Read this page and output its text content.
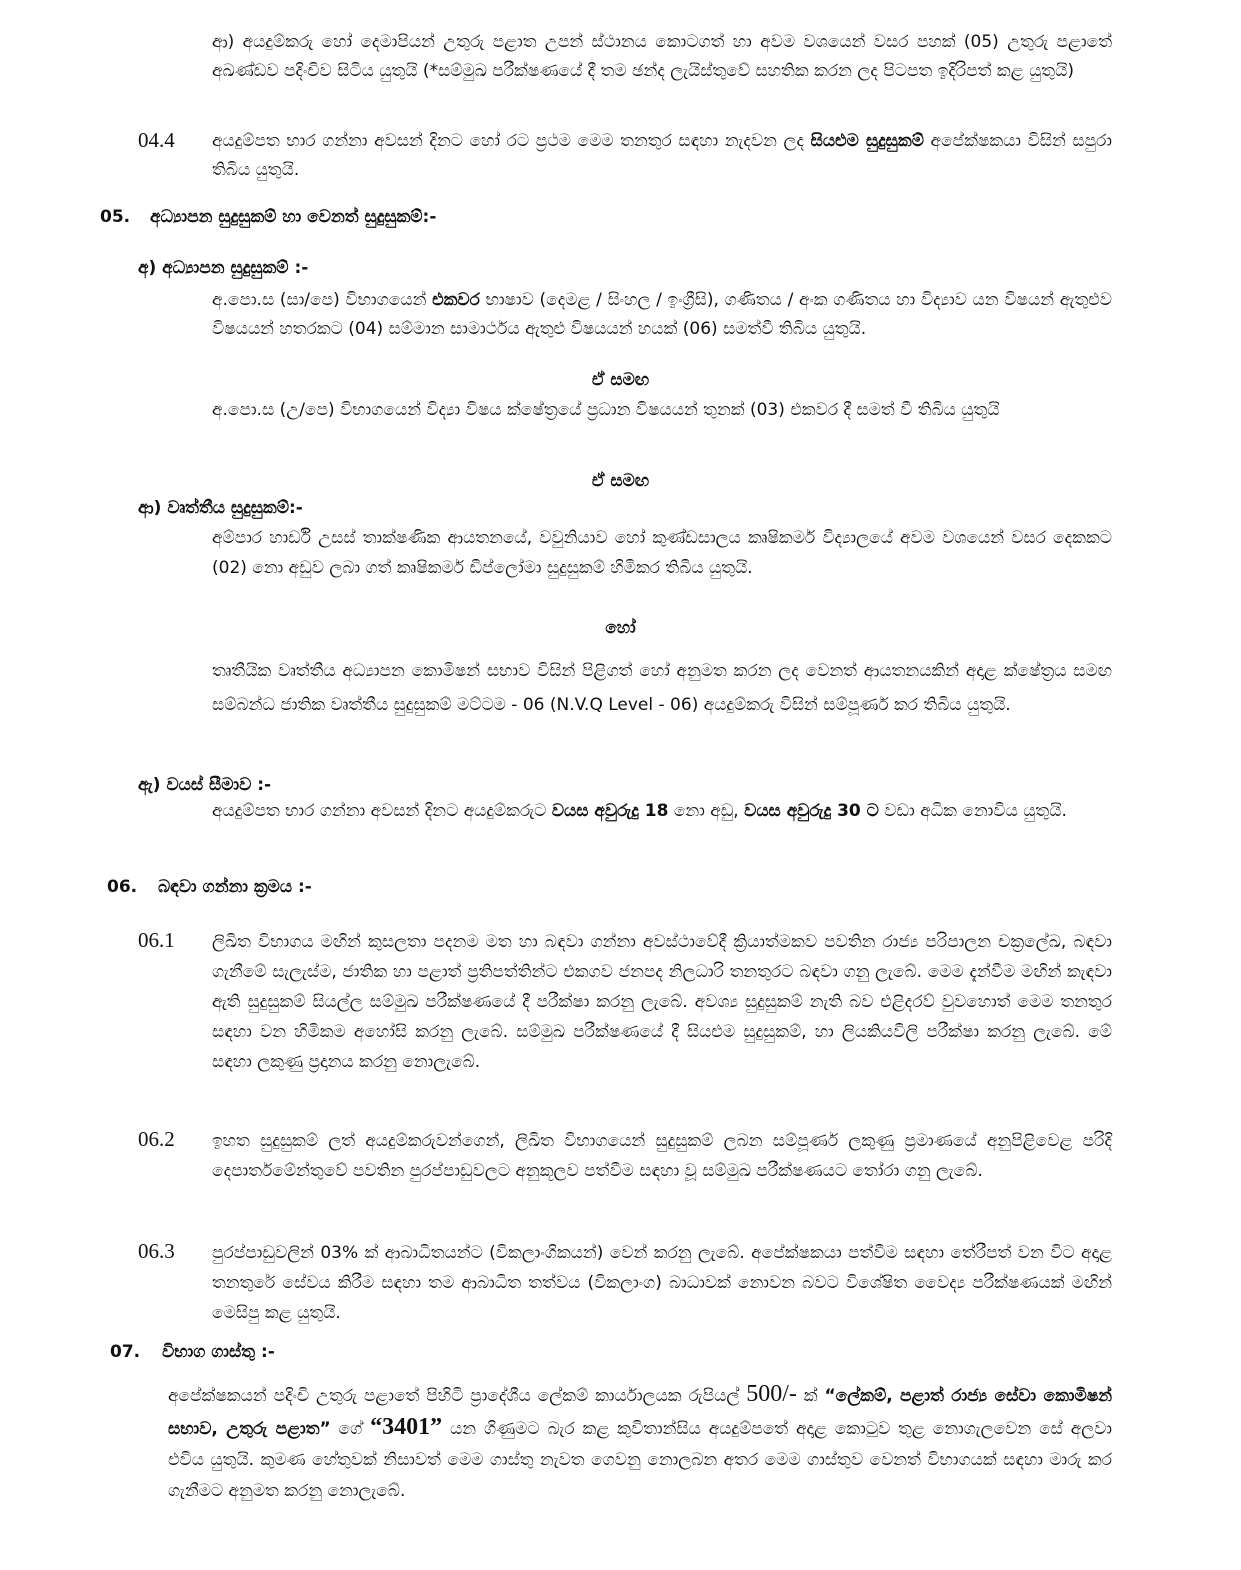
ආ) අයදුම්කරු හෝ දෙමාපියන් උතුරු පළාත උපන් ස්ථානය කොටගත් හා අවම වශයෙන් වසර පහක් (05) උතුරු පළාතේ අඛණ්ඩව පදිංචිව සිටිය යුතුයි (*සම්මුඛ පරීක්ෂණයේ දී තම ඡන්ද ලැයිස්තුවේ සහතික කරන ලද පිටපත ඉදිරිපත් කළ යුතුයි)
04.4 අයදුම්පත භාර ගන්නා අවසන් දිනට හෝ රට ප්‍රථම මෙම තනතුර සඳහා නැදවන ලද සියළුම සුදුසුකම් අපේක්ෂකයා විසින් සපුරා තිබිය යුතුයි.
05. අධ්‍යාපන සුදුසුකම් හා වෙනත් සුදුසුකම්:-
අ) අධ්‍යාපන සුදුසුකම් :-
අ.පො.ස (සා/පෙ) විභාගයෙන් එකවර භාෂාව (දෙමළ / සිංහල / ඉංග්‍රීසි), ගණිතය / අංක ගණිතය හා විද්‍යාව යන විෂයන් ඇතුළුව විෂයයන් හතරකට (04) සම්මාන සාමාර්ථය ඇතුළු විෂයයන් හයක් (06) සමත්වී තිබිය යුතුයි.
ඒ සමඟ
අ.පො.ස (උ/පෙ) විභාගයෙන් විද්‍යා විෂය ක්ෂේත්‍රයේ ප්‍රධාන විෂයයන් තුනක් (03) එකවර දී සමත් වී තිබිය යුතුයි
ඒ සමඟ
ආ) වෘත්තීය සුදුසුකම්:-
අම්පාර හාර්ඩි උසස් තාක්ෂණික ආයතනයේ, වවුනියාව හෝ කුණ්ඩසාලය කෘෂිකර්ම විද්‍යාලයේ අවම වශයෙන් වසර දෙකකට (02) නො අඩුව ලබා ගත් කෘෂිකර්ම ඩිප්ලෝමා සුදුසුකම් හිමිකර තිබිය යුතුයි.
හෝ
තෘතීයික වෘත්තීය අධ්‍යාපන කොමිෂන් සභාව විසින් පිළිගත් හෝ අනුමත කරන ලද වෙනත් ආයතනයකින් අදාළ ක්ෂේත්‍රය සමඟ සම්බන්ධ ජාතික වෘත්තීය සුදුසුකම් මට්ටම - 06 (N.V.Q Level - 06) අයදුම්කරු විසින් සම්පූර්ණ කර තිබිය යුතුයි.
ඇ) වයස් සීමාව :-
අයදුම්පත භාර ගන්නා අවසන් දිනට අයදුම්කරුට වයස අවුරුදු 18 නො අඩු, වයස අවුරුදු 30 ට වඩා අධික නොවිය යුතුයි.
06. බඳවා ගන්නා ක්‍රමය :-
06.1 ලිඛිත විභාගය මඟින් කුසලතා පදනම මත හා බඳවා ගන්නා අවස්ථාවේදී ක්‍රියාත්මකව පවතින රාජ්‍ය පරිපාලන චක්‍රලේඛ, බඳවා ගැනීමේ සැලැස්ම, ජාතික හා පළාත් ප්‍රතිපත්තින්ට එකගව ජනපද නිලධාරි තනතුරට බඳවා ගනු ලැබේ. මෙම දැන්වීම මඟින් කැඳවා ඇති සුදුසුකම් සියල්ල සම්මුඛ පරීක්ෂණයේ දී පරීක්ෂා කරනු ලැබේ. අවශ්‍ය සුදුසුකම් නැති බව එළිදරව් වුවහොත් මෙම තනතුර සඳහා වන හිමිකම අහෝසි කරනු ලැබේ. සම්මුඛ පරීක්ෂණයේ දී සියළුම සුදුසුකම්, හා ලියකියවිලි පරීක්ෂා කරනු ලැබේ. මේ සඳහා ලකුණු ප්‍රදානය කරනු නොලැබේ.
06.2 ඉහත සුදුසුකම් ලත් අයදුම්කරුවන්ගෙන්, ලිඛිත විභාගයෙන් සුදුසුකම් ලබන සම්පූර්ණ ලකුණු ප්‍රමාණයේ අනුපිළිවෙළ පරිදි දෙපාර්තමේන්තුවේ පවතින පුරප්පාඩුවලට අනුකූලව පත්වීම සඳහා වූ සම්මුඛ පරීක්ෂණයට තෝරා ගනු ලැබේ.
06.3 පුරප්පාඩුවලින් 03% ක් ආබාධිතයන්ට (විකලාංගිකයන්) වෙන් කරනු ලැබේ. අපේක්ෂකයා පත්වීම සඳහා තේරීපත් වන විට අදාළ තනතුරේ සේවය කිරීම සඳහා තම ආබාධිත තත්වය (විකලාංග) බාධාවක් නොවන බවට විශේෂිත වෛද්‍ය පරීක්ෂණයක් මඟින් මෙසිපු කළ යුතුයි.
07. විභාග ගාස්තු :-
අපේක්ෂකයන් පදිංචි උතුරු පළාතේ පිහිටි ප්‍රාදේශීය ලේකම් කාර්යාලයක රුපියල් 500/- ක් “ලේකම්, පළාත් රාජ්‍ය සේවා කොමිෂන් සභාව, උතුරු පළාත” ගේ “3401” යන ගිණුමට බැර කළ කුවිතාන්සිය අයදුම්පතේ අදාළ කොටුව තුළ නොගැලවෙන සේ අලවා එවිය යුතුයි. කුමණ හේතුවක් නිසාවත් මෙම ගාස්තු නැවත ගෙවනු නොලබන අතර මෙම ගාස්තුව වෙනත් විභාගයක් සඳහා මාරු කර ගැනීමට අනුමත කරනු නොලැබේ.
